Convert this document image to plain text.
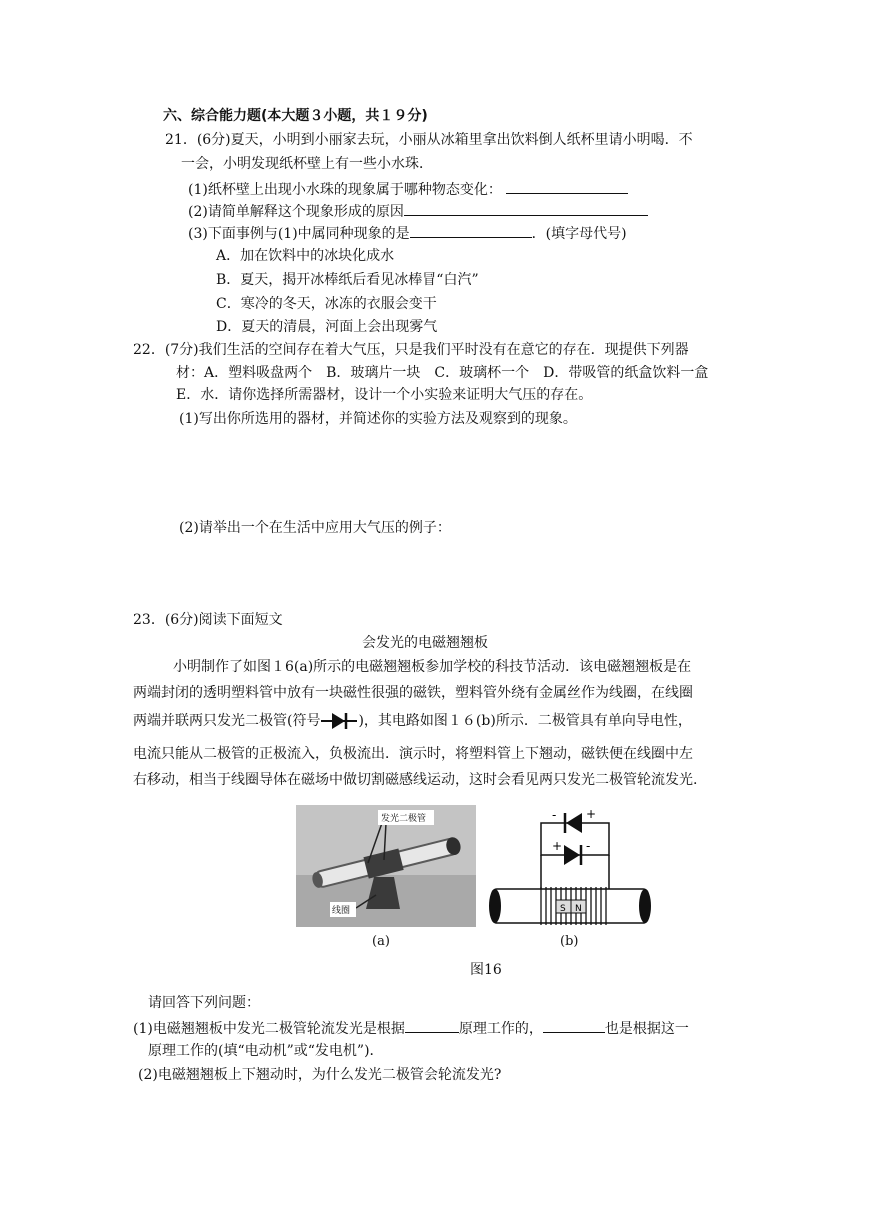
六、综合能力题(本大题３小题，共１９分)
21．(6分)夏天，小明到小丽家去玩，小丽从冰箱里拿出饮料倒人纸杯里请小明喝．不
一会，小明发现纸杯壁上有一些小水珠．
(1)纸杯壁上出现小水珠的现象属于哪种物态变化：
(2)请简单解释这个现象形成的原因
(3)下面事例与(1)中属同种现象的是	．(填字母代号)
A．加在饮料中的冰块化成水
B．夏天，揭开冰棒纸后看见冰棒冒“白汽”
C．寒冷的冬天，冰冻的衣服会变干
D．夏天的清晨，河面上会出现雾气
22．(7分)我们生活的空间存在着大气压，只是我们平时没有在意它的存在．现提供下列器
材：A．塑料吸盘两个　B．玻璃片一块　C．玻璃杯一个　D．带吸管的纸盒饮料一盒
E．水．请你选择所需器材，设计一个小实验来证明大气压的存在。
(1)写出你所选用的器材，并简述你的实验方法及观察到的现象。
(2)请举出一个在生活中应用大气压的例子：
23．(6分)阅读下面短文
会发光的电磁翘翘板
小明制作了如图１6(a)所示的电磁翘翘板参加学校的科技节活动．该电磁翘翘板是在
两端封闭的透明塑料管中放有一块磁性很强的磁铁，塑料管外绕有金属丝作为线圈，在线圈
两端并联两只发光二极管(符号	)，其电路如图１６(b)所示．二极管具有单向导电性，
电流只能从二极管的正极流入，负极流出．演示时，将塑料管上下翘动，磁铁便在线圈中左
右移动，相当于线圈导体在磁场中做切割磁感线运动，这时会看见两只发光二极管轮流发光.
发光二极管
线圈
(a)
- +
+ -
S N
(b)
图16
请回答下列问题：
(1)电磁翘翘板中发光二极管轮流发光是根据	原理工作的，	也是根据这一
原理工作的(填“电动机”或“发电机”)．
(2)电磁翘翘板上下翘动时，为什么发光二极管会轮流发光?
